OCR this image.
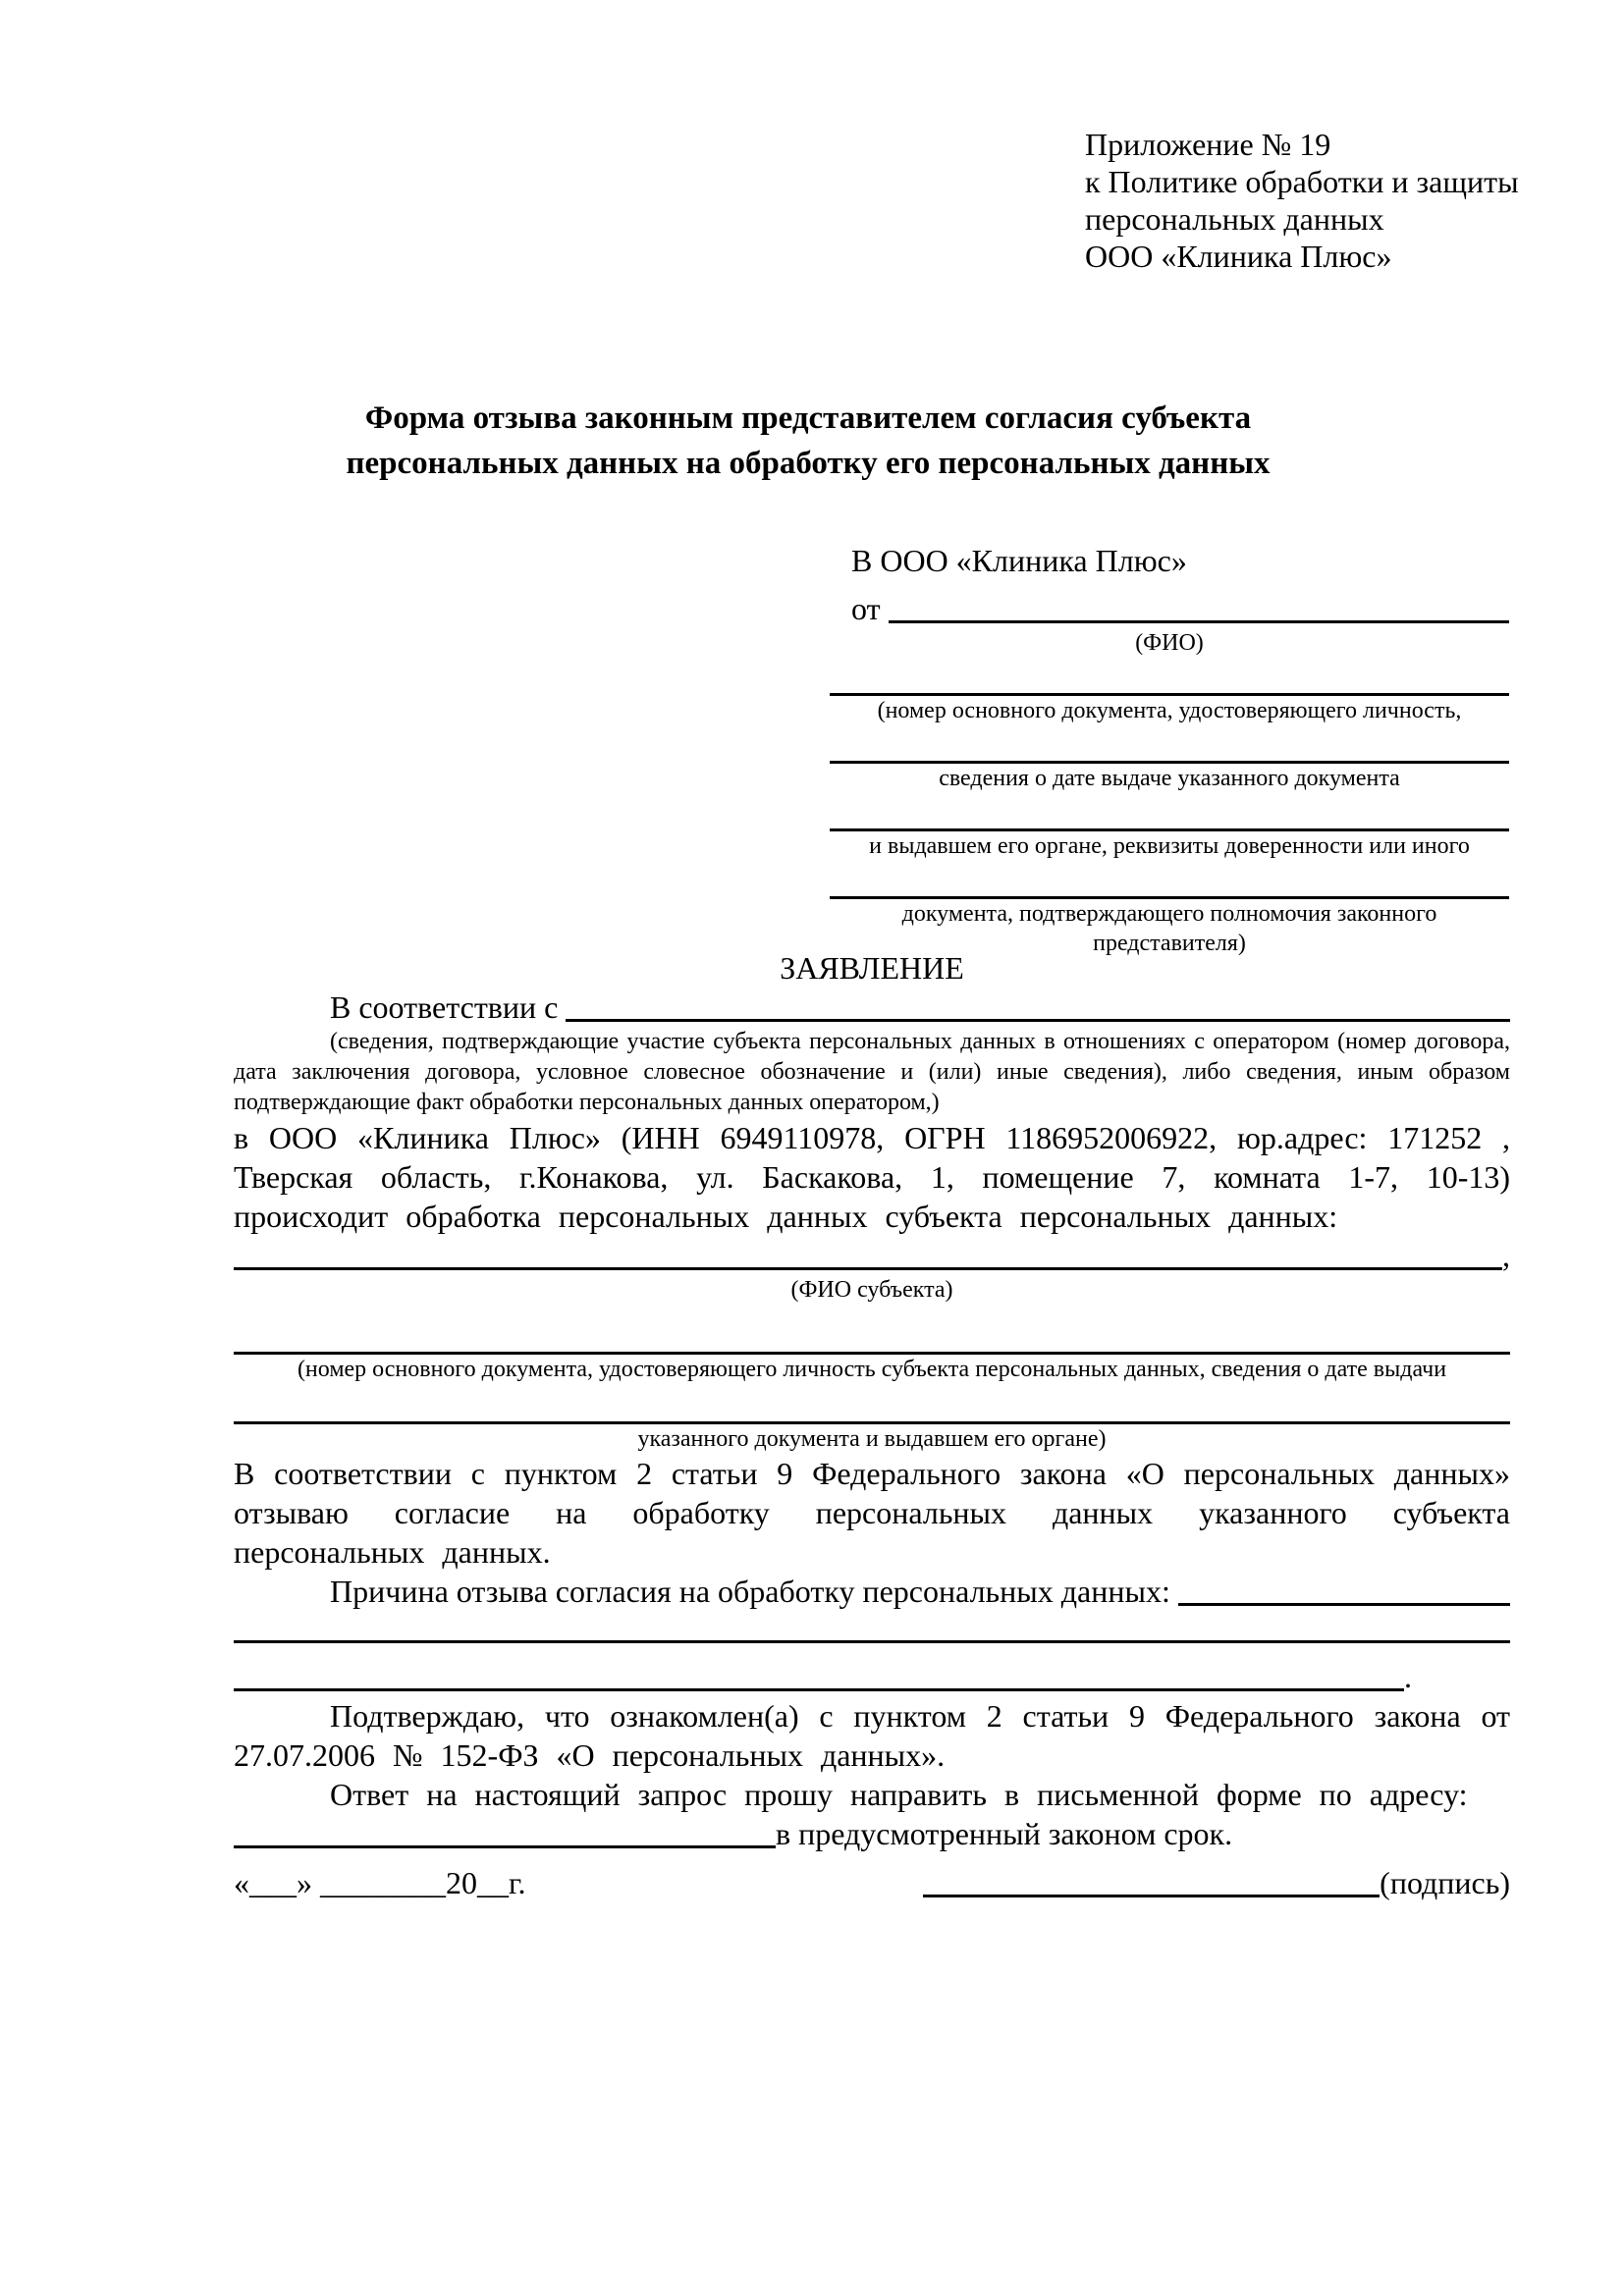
Приложение № 19
к Политике обработки и защиты
персональных данных
ООО «Клиника Плюс»
Форма отзыва законным представителем согласия субъекта
персональных данных на обработку его персональных данных
В ООО «Клиника Плюс»
от
(ФИО)
(номер основного документа, удостоверяющего личность,
сведения о дате выдаче указанного документа
и выдавшем его органе, реквизиты доверенности или иного
документа, подтверждающего полномочия законного представителя)
ЗАЯВЛЕНИЕ
В соответствии с
(сведения, подтверждающие участие субъекта персональных данных в отношениях с оператором (номер договора, дата заключения договора, условное словесное обозначение и (или) иные сведения), либо сведения, иным образом подтверждающие факт обработки персональных данных оператором,)

в ООО «Клиника Плюс» (ИНН 6949110978, ОГРН 1186952006922, юр.адрес: 171252 , Тверская область, г.Конакова, ул. Баскакова, 1, помещение 7, комната 1-7, 10-13) происходит обработка персональных данных субъекта персональных данных:

,
(ФИО субъекта)
(номер основного документа, удостоверяющего личность субъекта персональных данных, сведения о дате выдачи
указанного документа и выдавшем его органе)

В соответствии с пунктом 2 статьи 9 Федерального закона «О персональных данных» отзываю согласие на обработку персональных данных указанного субъекта персональных данных.

Причина отзыва согласия на обработку персональных данных:
.

Подтверждаю, что ознакомлен(а) с пунктом 2 статьи 9 Федерального закона от 27.07.2006 № 152-ФЗ «О персональных данных».

Ответ на настоящий запрос прошу направить в письменной форме по адресу:

в предусмотренный законом срок.
«___» ________20__г.	(подпись)
